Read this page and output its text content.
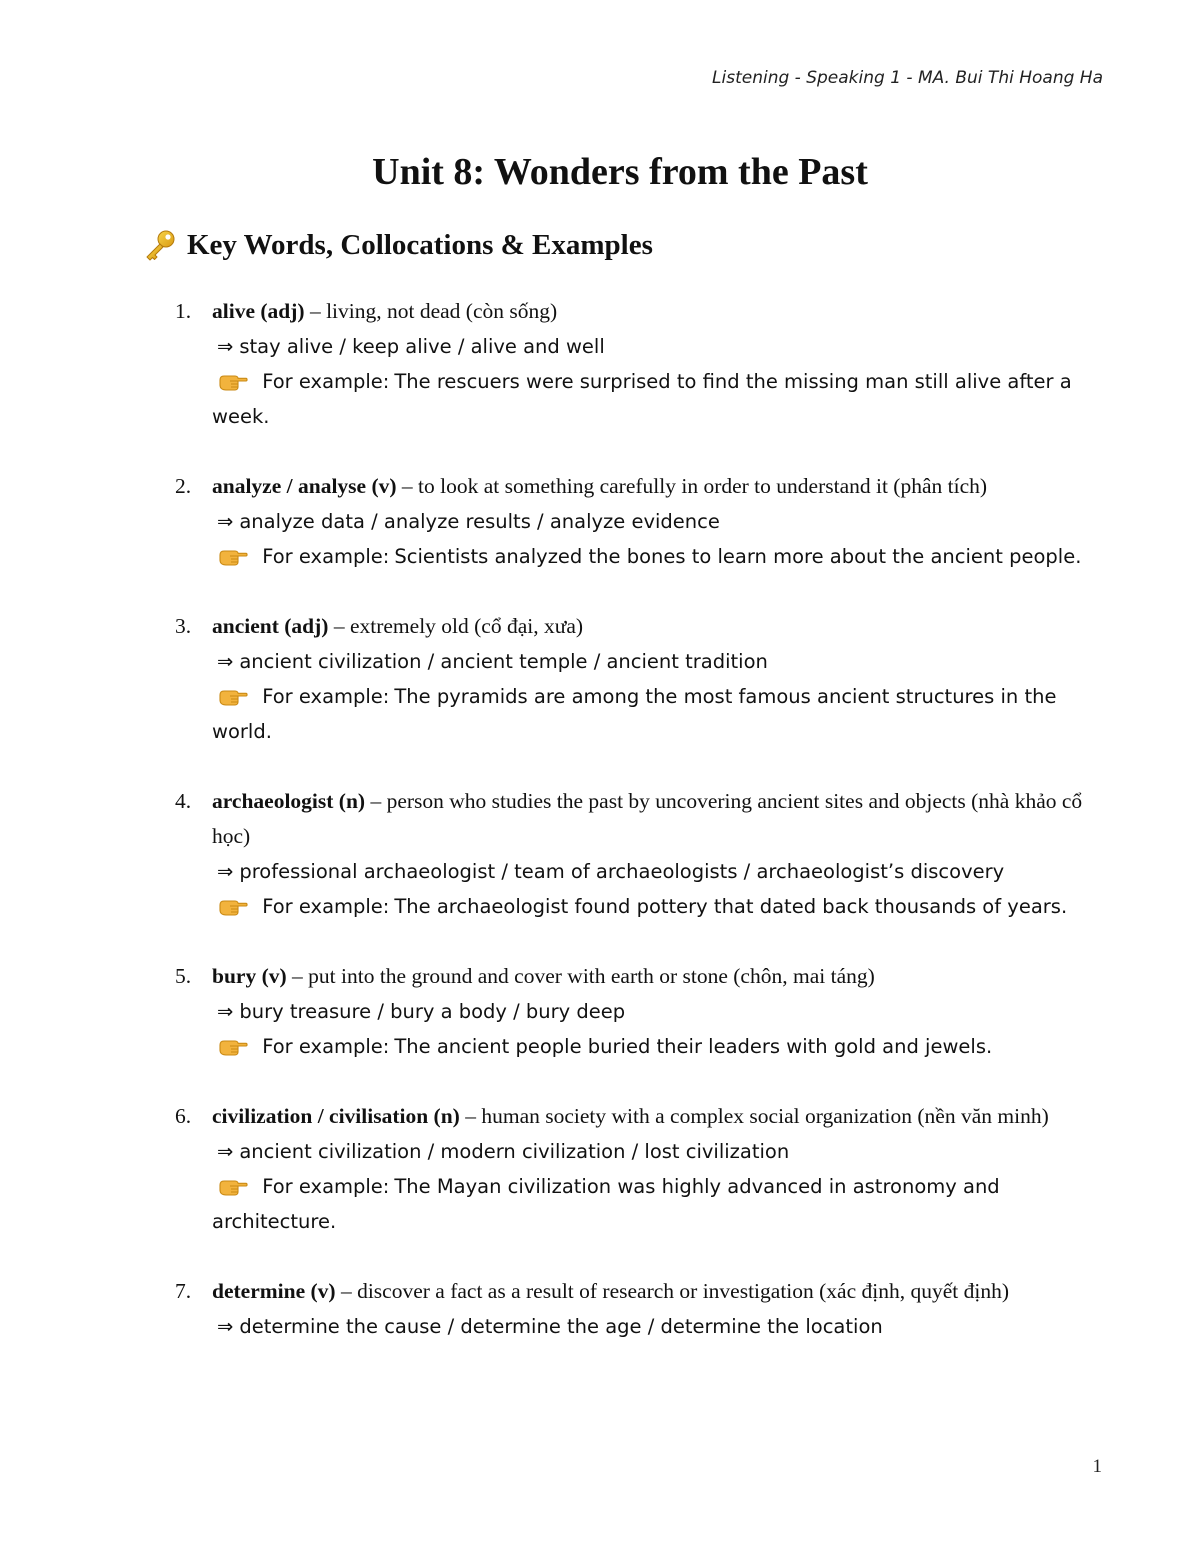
Listening - Speaking 1 - MA. Bui Thi Hoang Ha
Unit 8: Wonders from the Past
Key Words, Collocations & Examples
1. alive (adj) – living, not dead (còn sống)
⇒ stay alive / keep alive / alive and well
For example: The rescuers were surprised to find the missing man still alive after a week.
2. analyze / analyse (v) – to look at something carefully in order to understand it (phân tích)
⇒ analyze data / analyze results / analyze evidence
For example: Scientists analyzed the bones to learn more about the ancient people.
3. ancient (adj) – extremely old (cổ đại, xưa)
⇒ ancient civilization / ancient temple / ancient tradition
For example: The pyramids are among the most famous ancient structures in the world.
4. archaeologist (n) – person who studies the past by uncovering ancient sites and objects (nhà khảo cổ học)
⇒ professional archaeologist / team of archaeologists / archaeologist’s discovery
For example: The archaeologist found pottery that dated back thousands of years.
5. bury (v) – put into the ground and cover with earth or stone (chôn, mai táng)
⇒ bury treasure / bury a body / bury deep
For example: The ancient people buried their leaders with gold and jewels.
6. civilization / civilisation (n) – human society with a complex social organization (nền văn minh)
⇒ ancient civilization / modern civilization / lost civilization
For example: The Mayan civilization was highly advanced in astronomy and architecture.
7. determine (v) – discover a fact as a result of research or investigation (xác định, quyết định)
⇒ determine the cause / determine the age / determine the location
1
